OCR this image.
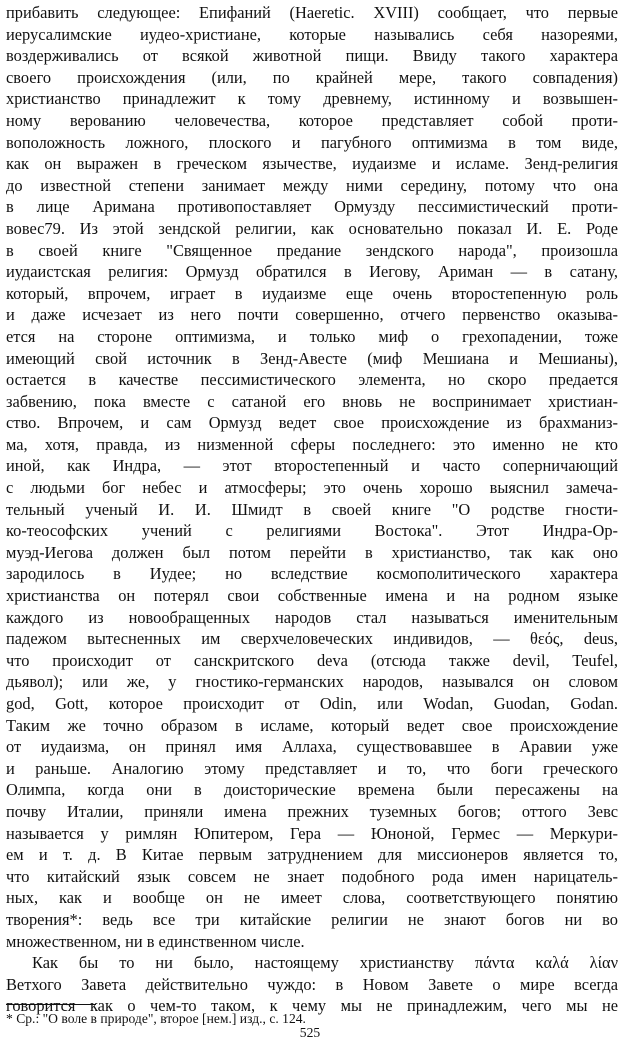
прибавить следующее: Епифаний (Haeretic. XVIII) сообщает, что первые
иерусалимские иудео-христиане, которые назывались себя назореями,
воздерживались от всякой животной пищи. Ввиду такого характера
своего происхождения (или, по крайней мере, такого совпадения)
христианство принадлежит к тому древнему, истинному и возвышен-
ному верованию человечества, которое представляет собой проти-
воположность ложного, плоского и пагубного оптимизма в том виде,
как он выражен в греческом язычестве, иудаизме и исламе. Зенд-религия
до известной степени занимает между ними середину, потому что она
в лице Аримана противопоставляет Ормузду пессимистический проти-
вовес79. Из этой зендской религии, как основательно показал И. Е. Роде
в своей книге "Священное предание зендского народа", произошла
иудаистская религия: Ормузд обратился в Иегову, Ариман — в сатану,
который, впрочем, играет в иудаизме еще очень второстепенную роль
и даже исчезает из него почти совершенно, отчего первенство оказыва-
ется на стороне оптимизма, и только миф о грехопадении, тоже
имеющий свой источник в Зенд-Авесте (миф Мешиана и Мешианы),
остается в качестве пессимистического элемента, но скоро предается
забвению, пока вместе с сатаной его вновь не воспринимает христиан-
ство. Впрочем, и сам Ормузд ведет свое происхождение из брахманиз-
ма, хотя, правда, из низменной сферы последнего: это именно не кто
иной, как Индра, — этот второстепенный и часто соперничающий
с людьми бог небес и атмосферы; это очень хорошо выяснил замеча-
тельный ученый И. И. Шмидт в своей книге "О родстве гности-
ко-теософских учений с религиями Востока". Этот Индра-Ор-
муэд-Иегова должен был потом перейти в христианство, так как оно
зародилось в Иудее; но вследствие космополитического характера
христианства он потерял свои собственные имена и на родном языке
каждого из новообращенных народов стал называться именительным
падежом вытесненных им сверхчеловеческих индивидов, — θεός, deus,
что происходит от санскритского deva (отсюда также devil, Teufel,
дьявол); или же, у гностико-германских народов, назывался он словом
god, Gott, которое происходит от Odin, или Wodan, Guodan, Godan.
Таким же точно образом в исламе, который ведет свое происхождение
от иудаизма, он принял имя Аллаха, существовавшее в Аравии уже
и раньше. Аналогию этому представляет и то, что боги греческого
Олимпа, когда они в доисторические времена были пересажены на
почву Италии, приняли имена прежних туземных богов; оттого Зевс
называется у римлян Юпитером, Гера — Юноной, Гермес — Меркури-
ем и т. д. В Китае первым затруднением для миссионеров является то,
что китайский язык совсем не знает подобного рода имен нарицатель-
ных, как и вообще он не имеет слова, соответствующего понятию
творения*: ведь все три китайские религии не знают богов ни во
множественном, ни в единственном числе.
Как бы то ни было, настоящему христианству πάντα καλά λίαν
Ветхого Завета действительно чуждо: в Новом Завете о мире всегда
говорится как о чем-то таком, к чему мы не принадлежим, чего мы не
* Ср.: "О воле в природе", второе [нем.] изд., с. 124.
525
